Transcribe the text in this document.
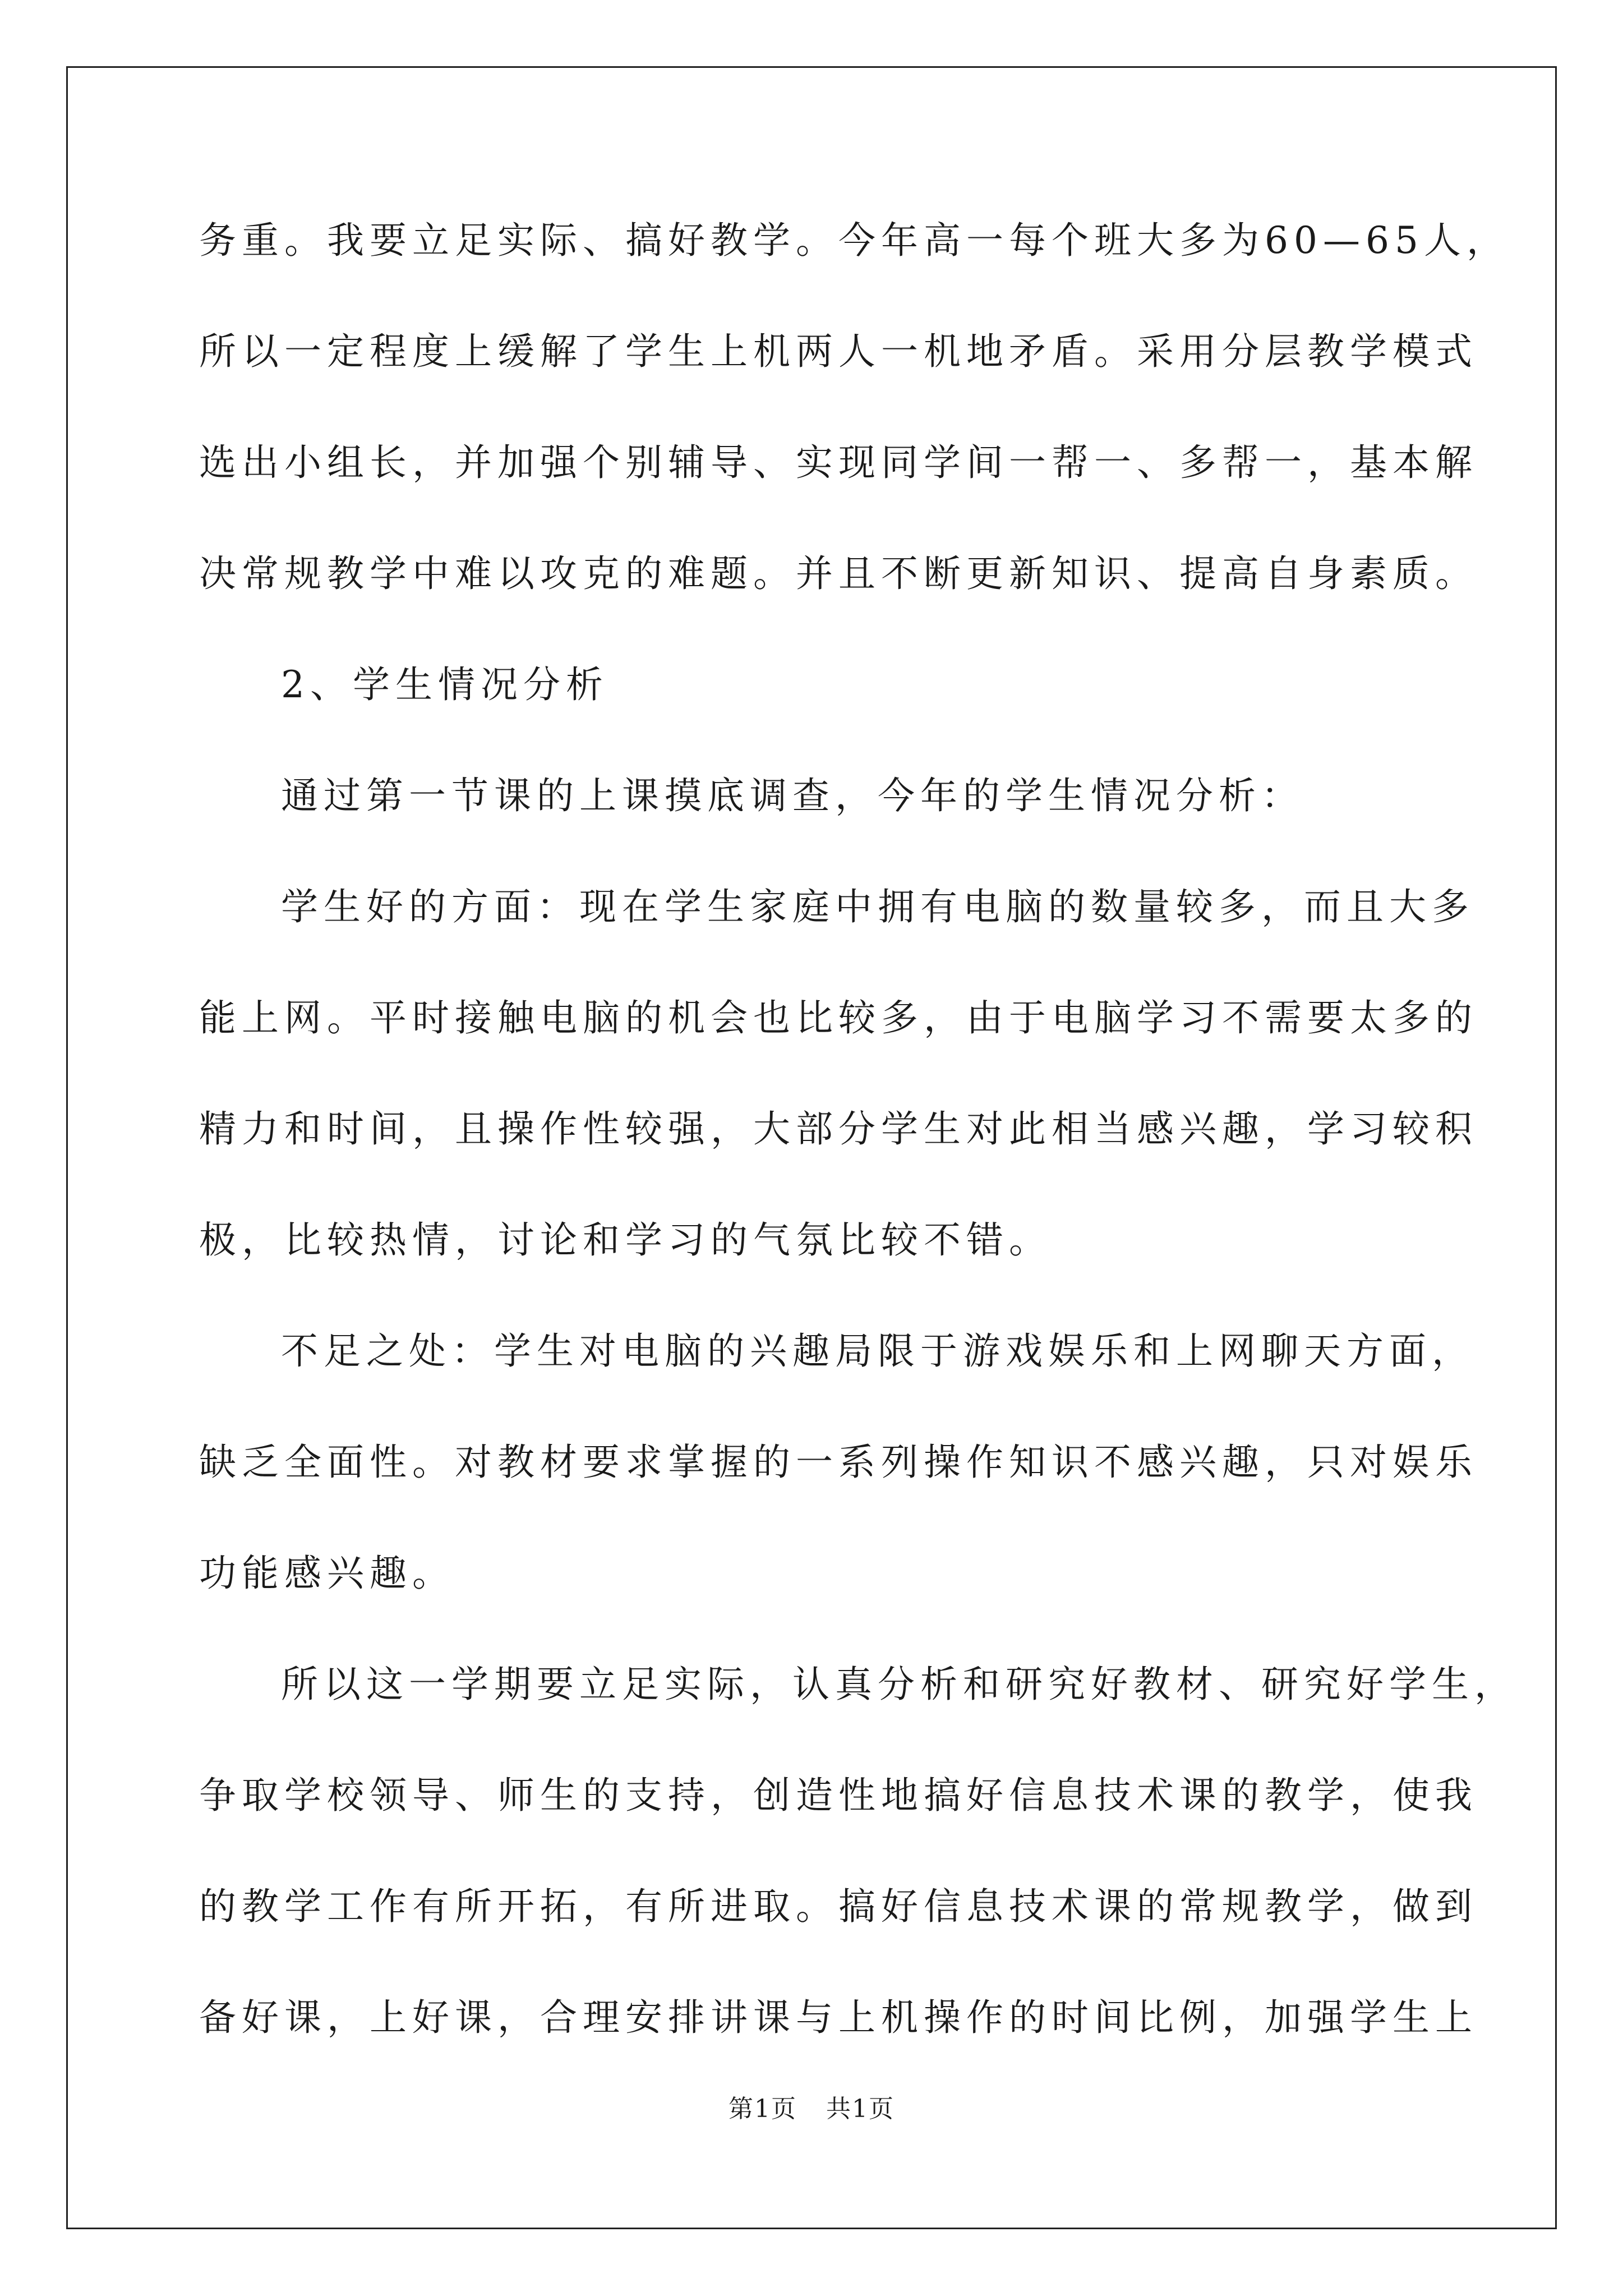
务重。我要立足实际、搞好教学。今年高一每个班大多为60—65人，
所以一定程度上缓解了学生上机两人一机地矛盾。采用分层教学模式
选出小组长，并加强个别辅导、实现同学间一帮一、多帮一，基本解
决常规教学中难以攻克的难题。并且不断更新知识、提高自身素质。
2、学生情况分析
通过第一节课的上课摸底调查，今年的学生情况分析：
学生好的方面：现在学生家庭中拥有电脑的数量较多，而且大多
能上网。平时接触电脑的机会也比较多，由于电脑学习不需要太多的
精力和时间，且操作性较强，大部分学生对此相当感兴趣，学习较积
极，比较热情，讨论和学习的气氛比较不错。
不足之处：学生对电脑的兴趣局限于游戏娱乐和上网聊天方面，
缺乏全面性。对教材要求掌握的一系列操作知识不感兴趣，只对娱乐
功能感兴趣。
所以这一学期要立足实际，认真分析和研究好教材、研究好学生，
争取学校领导、师生的支持，创造性地搞好信息技术课的教学，使我
的教学工作有所开拓，有所进取。搞好信息技术课的常规教学，做到
备好课，上好课，合理安排讲课与上机操作的时间比例，加强学生上
第1页 共1页
